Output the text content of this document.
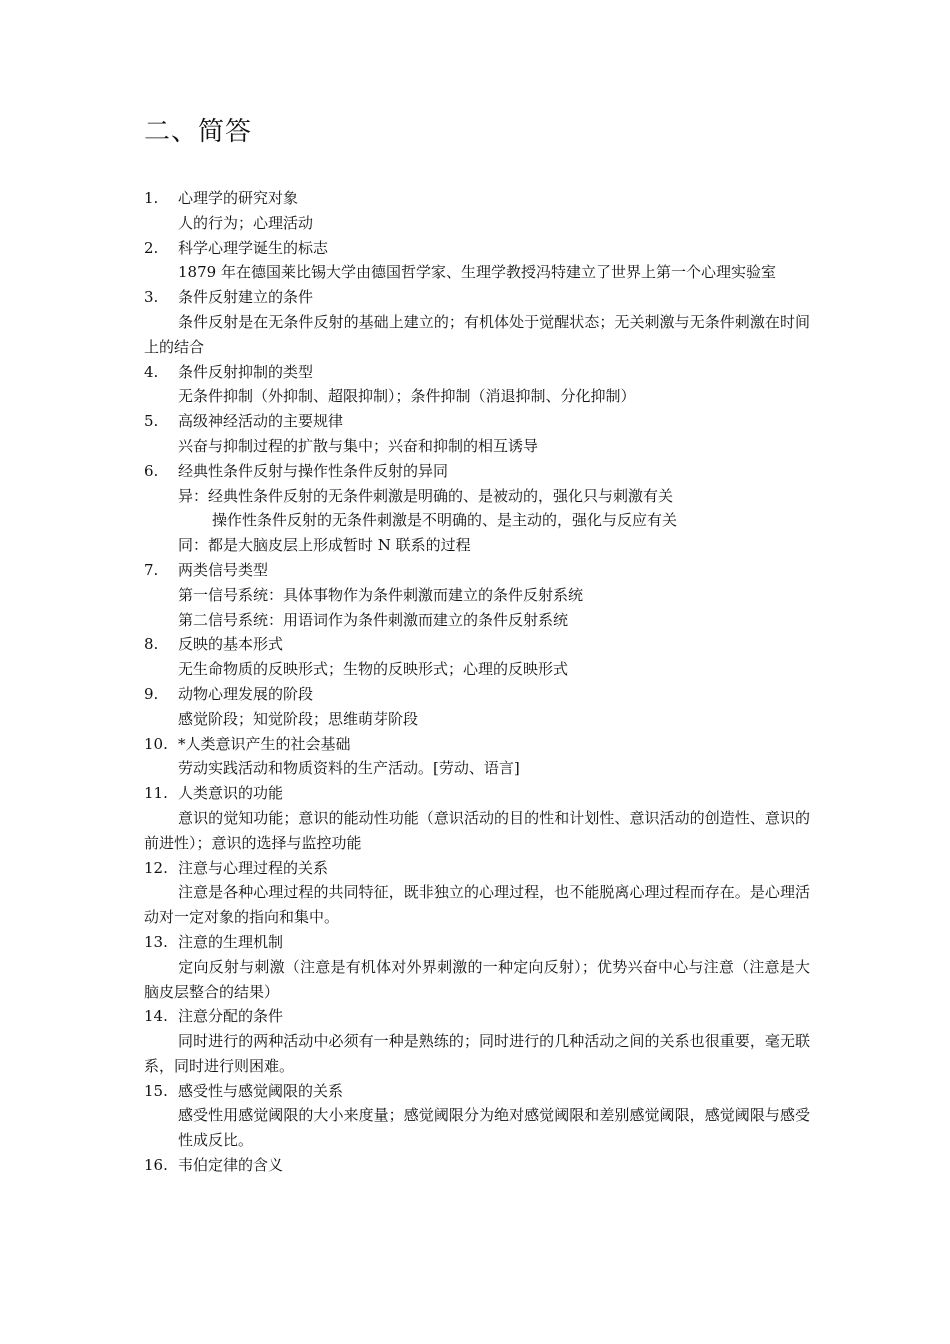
二、简答
1. 心理学的研究对象
人的行为；心理活动
2. 科学心理学诞生的标志
1879 年在德国莱比锡大学由德国哲学家、生理学教授冯特建立了世界上第一个心理实验室
3. 条件反射建立的条件
条件反射是在无条件反射的基础上建立的；有机体处于觉醒状态；无关刺激与无条件刺激在时间上的结合
4. 条件反射抑制的类型
无条件抑制（外抑制、超限抑制）；条件抑制（消退抑制、分化抑制）
5. 高级神经活动的主要规律
兴奋与抑制过程的扩散与集中；兴奋和抑制的相互诱导
6. 经典性条件反射与操作性条件反射的异同
异：经典性条件反射的无条件刺激是明确的、是被动的，强化只与刺激有关
操作性条件反射的无条件刺激是不明确的、是主动的，强化与反应有关
同：都是大脑皮层上形成暂时 N 联系的过程
7. 两类信号类型
第一信号系统：具体事物作为条件刺激而建立的条件反射系统
第二信号系统：用语词作为条件刺激而建立的条件反射系统
8. 反映的基本形式
无生命物质的反映形式；生物的反映形式；心理的反映形式
9. 动物心理发展的阶段
感觉阶段；知觉阶段；思维萌芽阶段
10. *人类意识产生的社会基础
劳动实践活动和物质资料的生产活动。[劳动、语言]
11. 人类意识的功能
意识的觉知功能；意识的能动性功能（意识活动的目的性和计划性、意识活动的创造性、意识的前进性）；意识的选择与监控功能
12. 注意与心理过程的关系
注意是各种心理过程的共同特征，既非独立的心理过程，也不能脱离心理过程而存在。是心理活动对一定对象的指向和集中。
13. 注意的生理机制
定向反射与刺激（注意是有机体对外界刺激的一种定向反射）；优势兴奋中心与注意（注意是大脑皮层整合的结果）
14. 注意分配的条件
同时进行的两种活动中必须有一种是熟练的；同时进行的几种活动之间的关系也很重要，毫无联系，同时进行则困难。
15. 感受性与感觉阈限的关系
感受性用感觉阈限的大小来度量；感觉阈限分为绝对感觉阈限和差别感觉阈限，感觉阈限与感受性成反比。
16. 韦伯定律的含义
